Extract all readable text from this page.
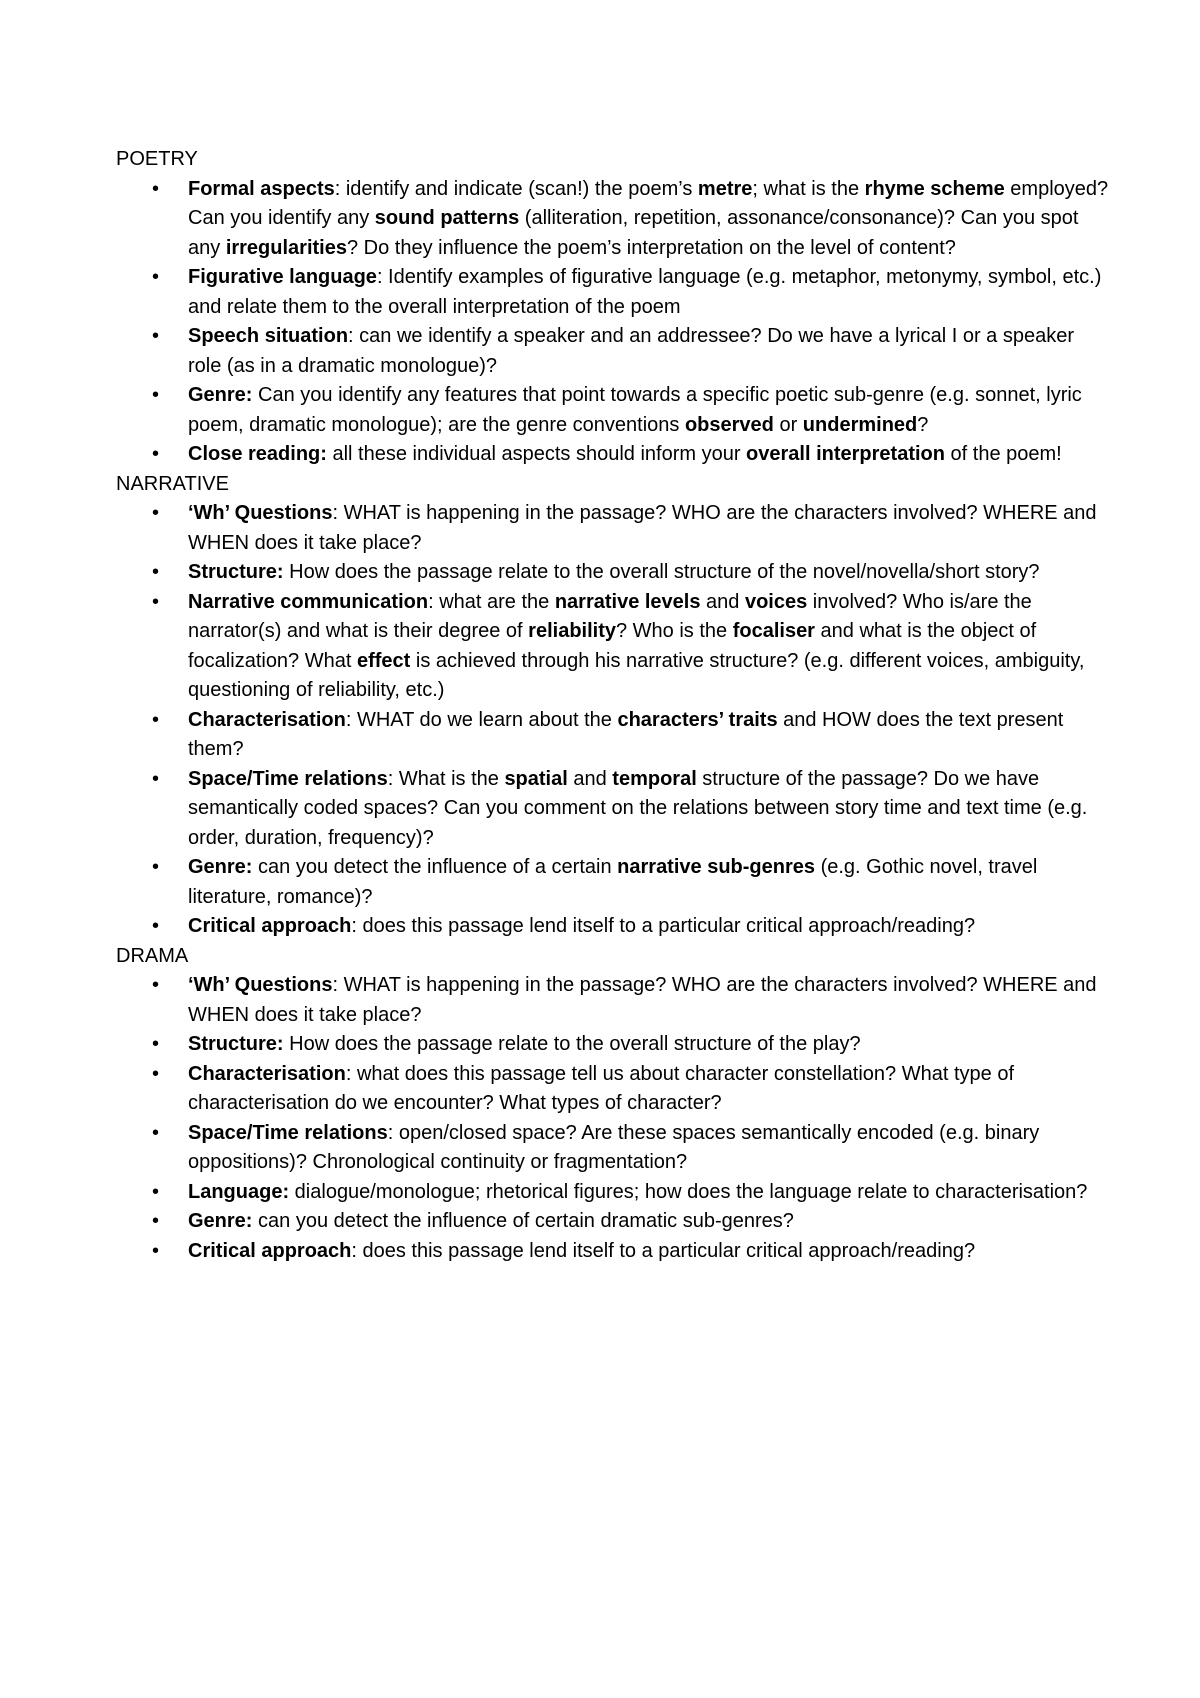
POETRY
• Formal aspects: identify and indicate (scan!) the poem’s metre; what is the rhyme scheme employed? Can you identify any sound patterns (alliteration, repetition, assonance/consonance)? Can you spot any irregularities? Do they influence the poem’s interpretation on the level of content?
• Figurative language: Identify examples of figurative language (e.g. metaphor, metonymy, symbol, etc.) and relate them to the overall interpretation of the poem
• Speech situation: can we identify a speaker and an addressee? Do we have a lyrical I or a speaker role (as in a dramatic monologue)?
• Genre: Can you identify any features that point towards a specific poetic sub-genre (e.g. sonnet, lyric poem, dramatic monologue); are the genre conventions observed or undermined?
• Close reading: all these individual aspects should inform your overall interpretation of the poem!
NARRATIVE
• ‘Wh’ Questions: WHAT is happening in the passage? WHO are the characters involved? WHERE and WHEN does it take place?
• Structure: How does the passage relate to the overall structure of the novel/novella/short story?
• Narrative communication: what are the narrative levels and voices involved? Who is/are the narrator(s) and what is their degree of reliability? Who is the focaliser and what is the object of focalization? What effect is achieved through his narrative structure? (e.g. different voices, ambiguity, questioning of reliability, etc.)
• Characterisation: WHAT do we learn about the characters’ traits and HOW does the text present them?
• Space/Time relations: What is the spatial and temporal structure of the passage? Do we have semantically coded spaces? Can you comment on the relations between story time and text time (e.g. order, duration, frequency)?
• Genre: can you detect the influence of a certain narrative sub-genres (e.g. Gothic novel, travel literature, romance)?
• Critical approach: does this passage lend itself to a particular critical approach/reading?
DRAMA
• ‘Wh’ Questions: WHAT is happening in the passage? WHO are the characters involved? WHERE and WHEN does it take place?
• Structure: How does the passage relate to the overall structure of the play?
• Characterisation: what does this passage tell us about character constellation? What type of characterisation do we encounter? What types of character?
• Space/Time relations: open/closed space? Are these spaces semantically encoded (e.g. binary oppositions)? Chronological continuity or fragmentation?
• Language: dialogue/monologue; rhetorical figures; how does the language relate to characterisation?
• Genre: can you detect the influence of certain dramatic sub-genres?
• Critical approach: does this passage lend itself to a particular critical approach/reading?
